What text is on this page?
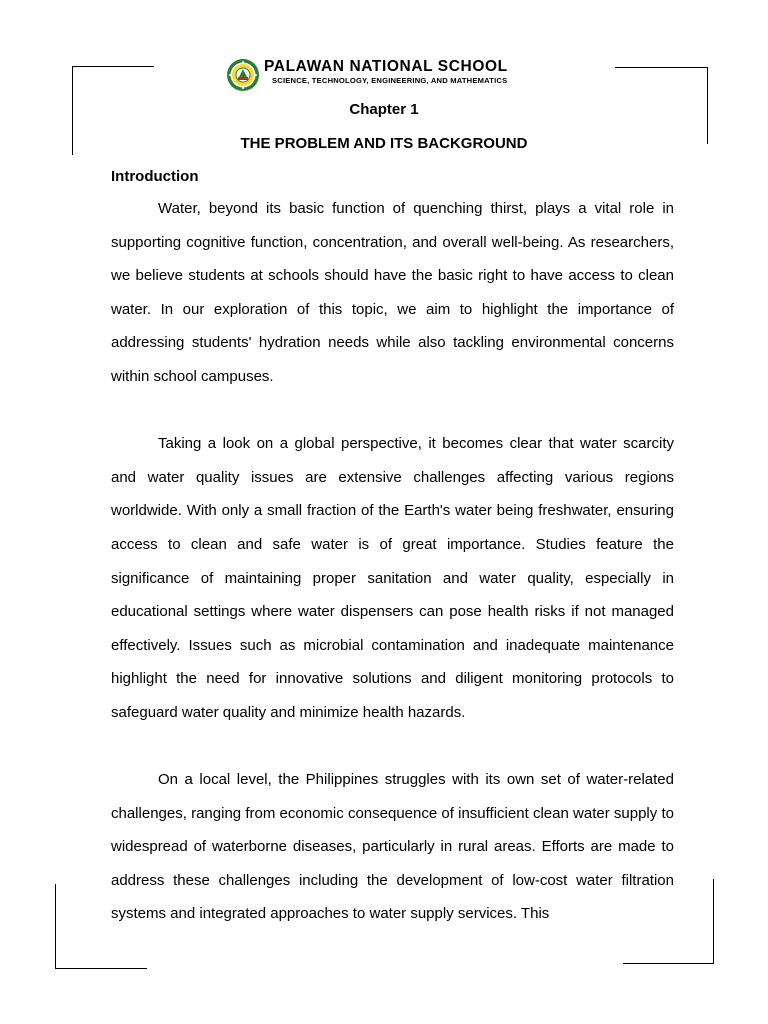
PALAWAN NATIONAL SCHOOL
SCIENCE, TECHNOLOGY, ENGINEERING, AND MATHEMATICS
Chapter 1
THE PROBLEM AND ITS BACKGROUND
Introduction

Water, beyond its basic function of quenching thirst, plays a vital role in supporting cognitive function, concentration, and overall well-being. As researchers, we believe students at schools should have the basic right to have access to clean water. In our exploration of this topic, we aim to highlight the importance of addressing students' hydration needs while also tackling environmental concerns within school campuses.

Taking a look on a global perspective, it becomes clear that water scarcity and water quality issues are extensive challenges affecting various regions worldwide. With only a small fraction of the Earth's water being freshwater, ensuring access to clean and safe water is of great importance. Studies feature the significance of maintaining proper sanitation and water quality, especially in educational settings where water dispensers can pose health risks if not managed effectively. Issues such as microbial contamination and inadequate maintenance highlight the need for innovative solutions and diligent monitoring protocols to safeguard water quality and minimize health hazards.

On a local level, the Philippines struggles with its own set of water-related challenges, ranging from economic consequence of insufficient clean water supply to widespread of waterborne diseases, particularly in rural areas. Efforts are made to address these challenges including the development of low-cost water filtration systems and integrated approaches to water supply services. This
